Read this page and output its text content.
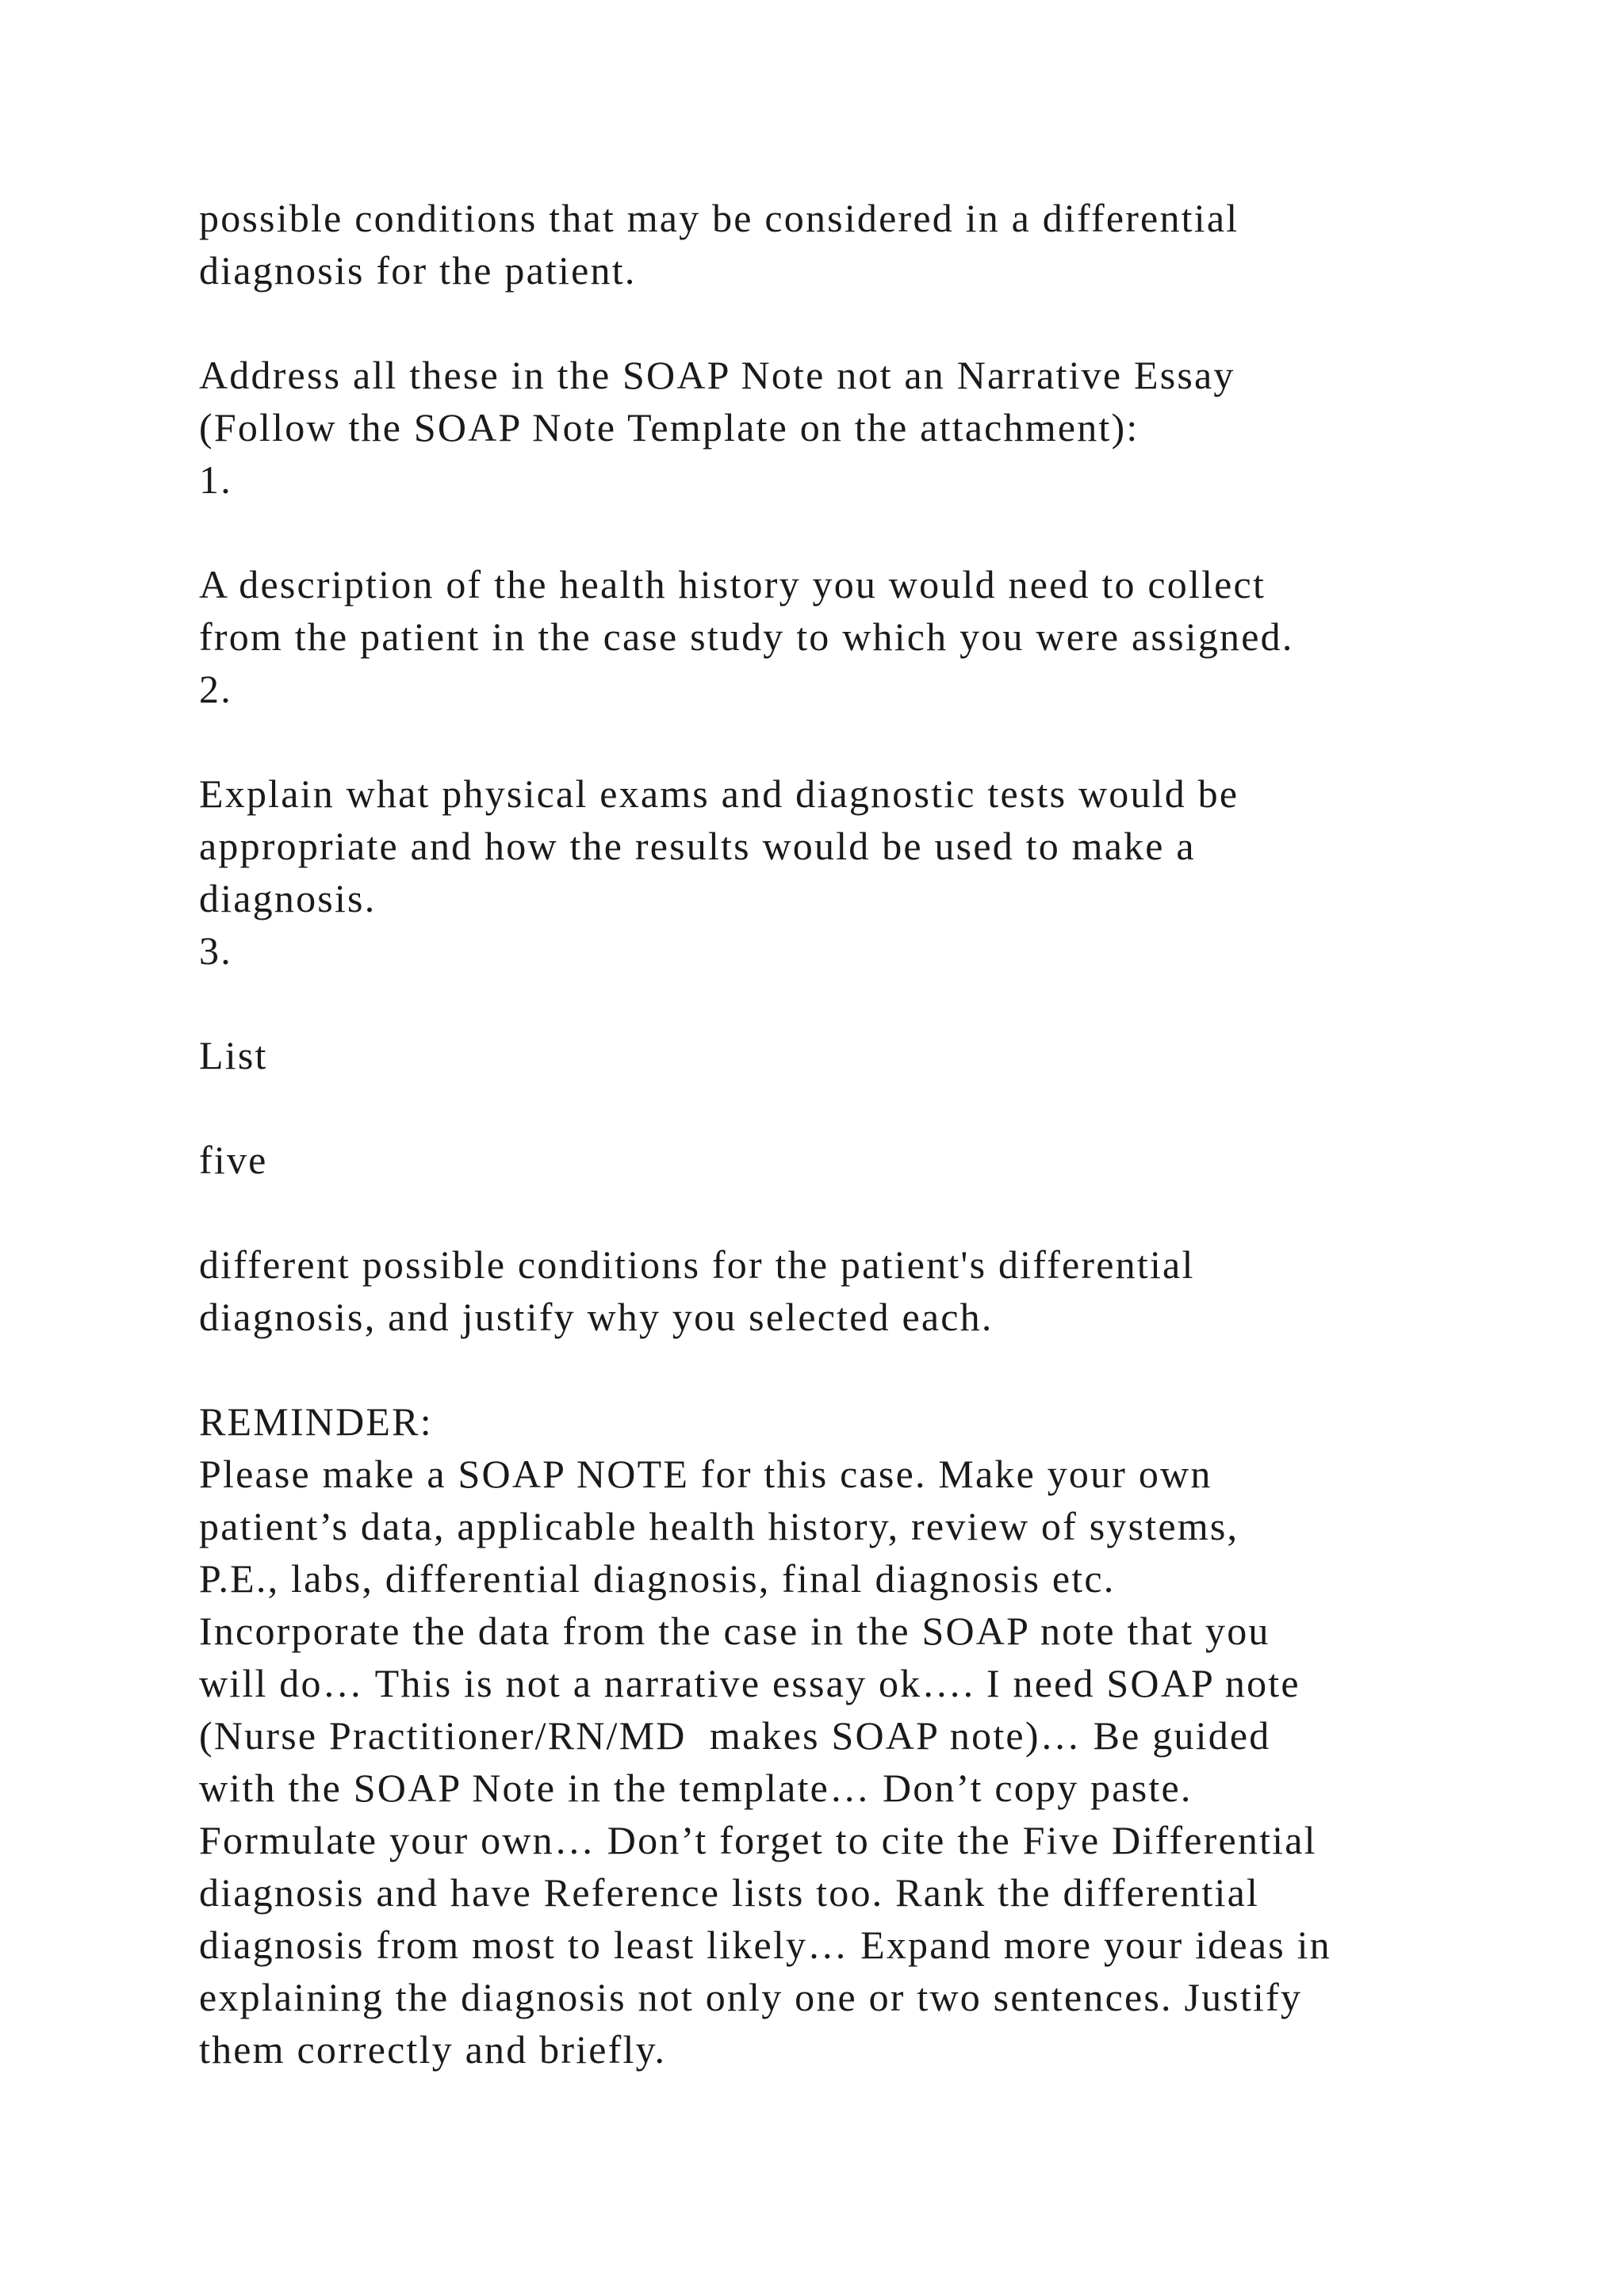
possible conditions that may be considered in a differential
diagnosis for the patient.
Address all these in the SOAP Note not an Narrative Essay
(Follow the SOAP Note Template on the attachment):
1.
A description of the health history you would need to collect
from the patient in the case study to which you were assigned.
2.
Explain what physical exams and diagnostic tests would be
appropriate and how the results would be used to make a
diagnosis.
3.
List
five
different possible conditions for the patient's differential
diagnosis, and justify why you selected each.
REMINDER:
Please make a SOAP NOTE for this case. Make your own
patient’s data, applicable health history, review of systems,
P.E., labs, differential diagnosis, final diagnosis etc.
Incorporate the data from the case in the SOAP note that you
will do… This is not a narrative essay ok…. I need SOAP note
(Nurse Practitioner/RN/MD  makes SOAP note)… Be guided
with the SOAP Note in the template… Don’t copy paste.
Formulate your own… Don’t forget to cite the Five Differential
diagnosis and have Reference lists too. Rank the differential
diagnosis from most to least likely… Expand more your ideas in
explaining the diagnosis not only one or two sentences. Justify
them correctly and briefly.
